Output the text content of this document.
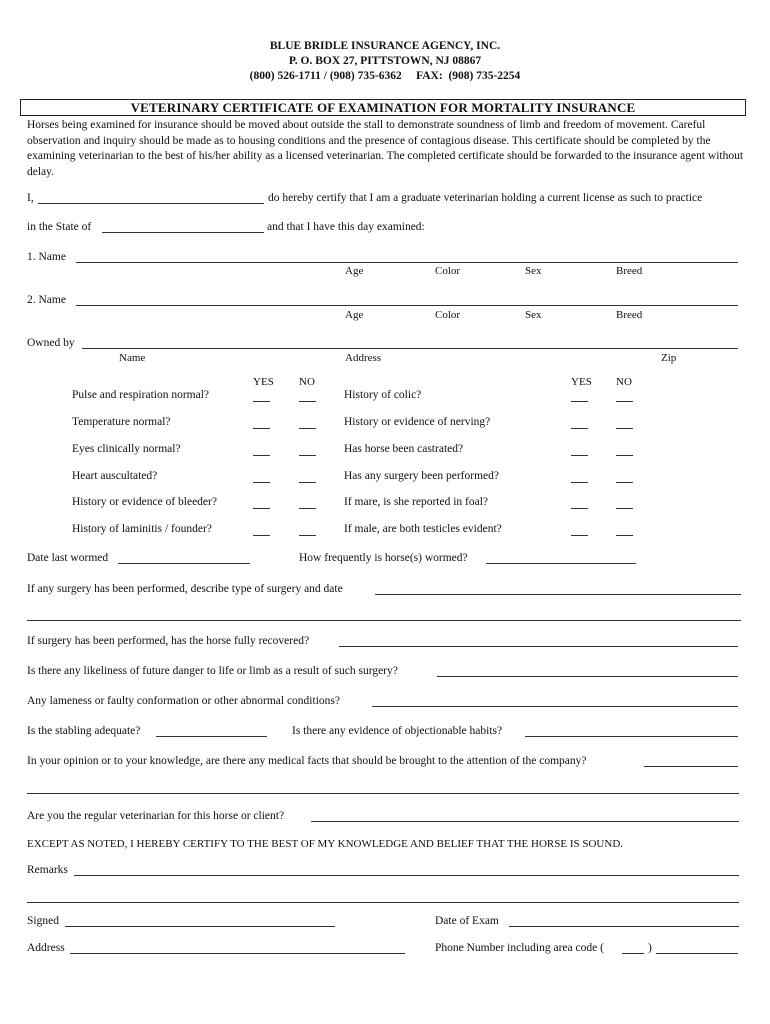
BLUE BRIDLE INSURANCE AGENCY, INC.
P. O. BOX 27, PITTSTOWN, NJ 08867
(800) 526-1711 / (908) 735-6362     FAX:  (908) 735-2254
VETERINARY CERTIFICATE OF EXAMINATION FOR MORTALITY INSURANCE
Horses being examined for insurance should be moved about outside the stall to demonstrate soundness of limb and freedom of movement. Careful observation and inquiry should be made as to housing conditions and the presence of contagious disease. This certificate should be completed by the examining veterinarian to the best of his/her ability as a licensed veterinarian. The completed certificate should be forwarded to the insurance agent without delay.
I,	do hereby certify that I am a graduate veterinarian holding a current license as such to practice
in the State of	and that I have this day examined:
1. Name
Age	Color	Sex	Breed
2. Name
Age	Color	Sex	Breed
Owned by
Name	Address	Zip
YES NO	YES NO
Pulse and respiration normal?	History of colic?
Temperature normal?	History or evidence of nerving?
Eyes clinically normal?	Has horse been castrated?
Heart auscultated?	Has any surgery been performed?
History or evidence of bleeder?	If mare, is she reported in foal?
History of laminitis / founder?	If male, are both testicles evident?
Date last wormed	How frequently is horse(s) wormed?
If any surgery has been performed, describe type of surgery and date
If surgery has been performed, has the horse fully recovered?
Is there any likeliness of future danger to life or limb as a result of such surgery?
Any lameness or faulty conformation or other abnormal conditions?
Is the stabling adequate?	Is there any evidence of objectionable habits?
In your opinion or to your knowledge, are there any medical facts that should be brought to the attention of the company?
Are you the regular veterinarian for this horse or client?
EXCEPT AS NOTED, I HEREBY CERTIFY TO THE BEST OF MY KNOWLEDGE AND BELIEF THAT THE HORSE IS SOUND.
Remarks
Signed	Date of Exam
Address	Phone Number including area code (	)
